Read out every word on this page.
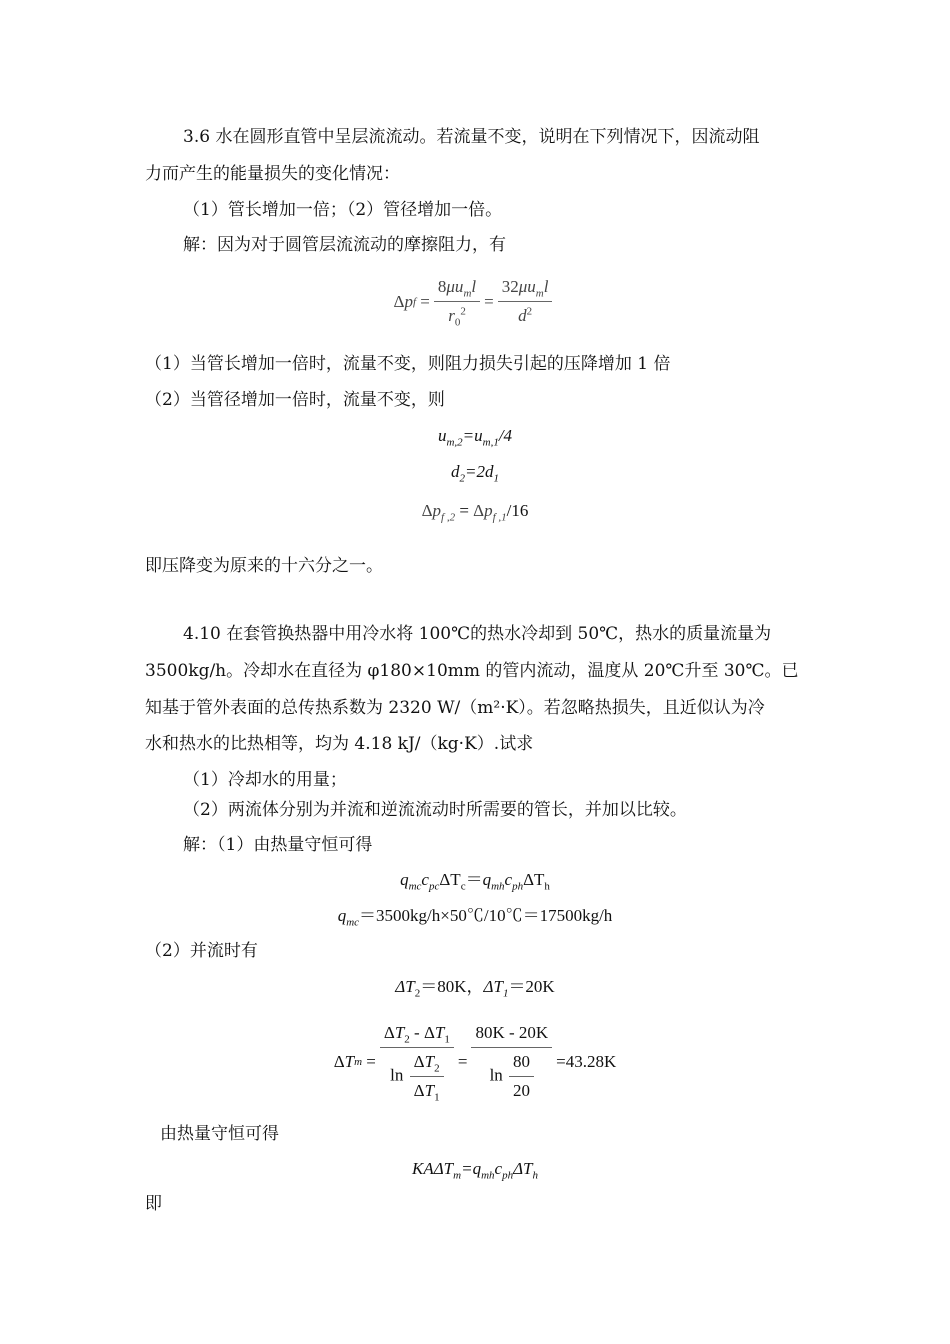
3.6 水在圆形直管中呈层流流动。若流量不变，说明在下列情况下，因流动阻
力而产生的能量损失的变化情况：
（1）管长增加一倍；（2）管径增加一倍。
解：因为对于圆管层流流动的摩擦阻力，有
Δ p $f = \frac{8\mu u_ml}{r_0^2} = \frac{32\mu u_ml}{d^2}$
（1）当管长增加一倍时，流量不变，则阻力损失引起的压降增加 1 倍
（2）当管径增加一倍时，流量不变，则
$u_{m,2}=u_{m,1}/4$
$d_2=2d_1$
$\Delta p_{f ,2} = \Delta p_{f ,1}/16$
即压降变为原来的十六分之一。
4.10 在套管换热器中用冷水将 100℃的热水冷却到 50℃，热水的质量流量为
3500kg/h。冷却水在直径为 φ180×10mm 的管内流动，温度从 20℃升至 30℃。已
知基于管外表面的总传热系数为 2320 W/（m²·K）。若忽略热损失，且近似认为冷
水和热水的比热相等，均为 4.18 kJ/（kg·K）.试求
（1）冷却水的用量；
（2）两流体分别为并流和逆流流动时所需要的管长，并加以比较。
解：（1）由热量守恒可得
$q_{mc}c_{pc}\Delta T_c=q_{mh}c_{ph}\Delta T_h$
$q_{mc}=3500kg/h\times 50℃/10℃=17500kg/h$
（2）并流时有
$\Delta T_2=80K$，$\Delta T_1=20K$
Δ T $m = \frac{\Delta T_2 - \Delta T_1}{\ln \frac{\Delta T_2}{\Delta T_1}} = \frac{80K - 20K}{\ln \frac{80}{20}} =43.28K$
由热量守恒可得
$KA\Delta T_m=q_{mh}c_{ph}\Delta T_h$
即
